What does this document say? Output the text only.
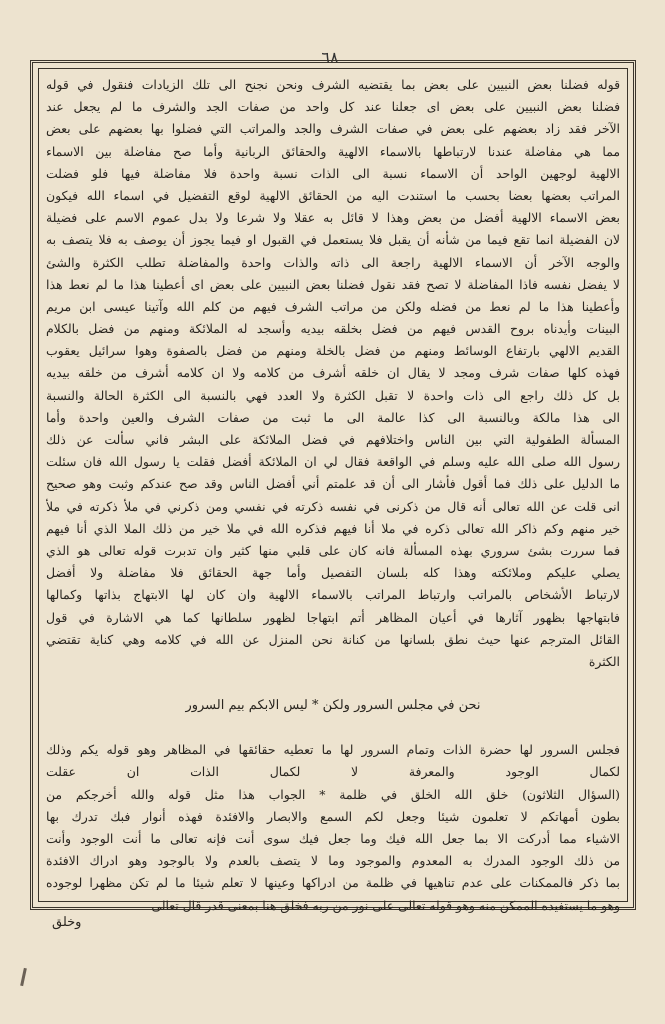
٦٨
قوله فضلنا بعض النبيين على بعض بما يقتضيه الشرف ونحن نجنح الى تلك الزيادات فنقول في قوله
فضلنا بعض النبيين على بعض اى جعلنا عند كل واحد من صفات الجد والشرف ما لم يجعل عند
الآخر فقد زاد بعضهم على بعض في صفات الشرف والجد والمراتب التي فضلوا بها بعضهم على بعض
مما هي مفاضلة عندنا لارتباطها بالاسماء الالهية والحقائق الربانية وأما صح مفاضلة بين الاسماء
الالهية لوجهين الواحد أن الاسماء نسبة الى الذات نسبة واحدة فلا مفاضلة فيها فلو فضلت
المراتب بعضها بعضا بحسب ما استندت اليه من الحقائق الالهية لوقع التفضيل في اسماء الله فيكون
بعض الاسماء الالهية أفضل من بعض وهذا لا قائل به عقلا ولا شرعا ولا بدل عموم الاسم على فضيلة
لان الفضيلة انما تقع فيما من شأنه أن يقبل فلا يستعمل في القبول او فيما يجوز أن يوصف به فلا يتصف به
والوجه الآخر أن الاسماء الالهية راجعة الى ذاته والذات واحدة والمفاضلة تطلب الكثرة والشئ
لا يفضل نفسه فاذا المفاضلة لا تصح فقد نقول فضلنا بعض النبيين على بعض اى أعطينا هذا ما لم نعط هذا
وأعطينا هذا ما لم نعط من فضله ولكن من مراتب الشرف فيهم من كلم الله وآتينا عيسى ابن مريم
البينات وأيدناه بروح القدس فيهم من فضل بخلقه بيديه وأسجد له الملائكة ومنهم من فضل بالكلام
القديم الالهي بارتفاع الوسائط ومنهم من فضل بالخلة ومنهم من فضل بالصفوة وهوا سرائيل يعقوب
فهذه كلها صفات شرف ومجد لا يقال ان خلقه أشرف من كلامه ولا ان كلامه أشرف من خلقه بيديه
بل كل ذلك راجع الى ذات واحدة لا تقبل الكثرة ولا العدد فهي بالنسبة الى الكثرة الحالة والنسبة
الى هذا مالكة وبالنسبة الى كذا عالمة الى ما ثبت من صفات الشرف والعين واحدة وأما
المسألة الطفولية التي بين الناس واختلافهم في فضل الملائكة على البشر فاني سألت عن ذلك
رسول الله صلى الله عليه وسلم في الواقعة فقال لي ان الملائكة أفضل فقلت يا رسول الله فان سئلت
ما الدليل على ذلك فما أقول فأشار الى أن قد علمتم أني أفضل الناس وقد صح عندكم وثبت وهو صحيح
انى قلت عن الله تعالى أنه قال من ذكرنى في نفسه ذكرته في نفسي ومن ذكرني في ملأ ذكرته في ملأ
خير منهم وكم ذاكر الله تعالى ذكره في ملا أنا فيهم فذكره الله في ملا خير من ذلك الملا الذي أنا فيهم
فما سررت بشئ سروري بهذه المسألة فانه كان على قلبي منها كثير وان تدبرت قوله تعالى هو الذي
يصلي عليكم وملائكته وهذا كله بلسان التفصيل وأما جهة الحقائق فلا مفاضلة ولا أفضل
لارتباط الأشخاص بالمراتب وارتباط المراتب بالاسماء الالهية وان كان لها الابتهاج بذاتها وكمالها
فابتهاجها بظهور آثارها في أعيان المظاهر أتم ابتهاجا لظهور سلطانها كما هي الاشارة في قول
القائل المترجم عنها حيث نطق بلسانها من كنانة نحن المنزل عن الله في كلامه وهي كناية تقتضي
الكثرة
نحن في مجلس السرور ولكن * ليس الابكم بيم السرور
فجلس السرور لها حضرة الذات وتمام السرور لها ما تعطيه حقائقها في المظاهر وهو قوله يكم وذلك
لكمال الوجود والمعرفة لا لكمال الذات ان عقلت
(السؤال الثلاثون) خلق الله الخلق في ظلمة * الجواب هذا مثل قوله والله أخرجكم من
بطون أمهاتكم لا تعلمون شيئا وجعل لكم السمع والابصار والافئدة فهذه أنوار فبك تدرك بها
الاشياء مما أدركت الا بما جعل الله فيك وما جعل فيك سوى أنت فإنه تعالى ما أنت الوجود وأنت
من ذلك الوجود المدرك به المعدوم والموجود وما لا يتصف بالعدم ولا بالوجود وهو ادراك الافئدة
بما ذكر فالممكنات على عدم تناهيها في ظلمة من ادراكها وعينها لا تعلم شيئا ما لم تكن مظهرا لوجوده
وهو ما يستفيده الممكن منه وهو قوله تعالى على نور من ربه فخلق هنا بمعنى قدر قال تعالى
وخلق
